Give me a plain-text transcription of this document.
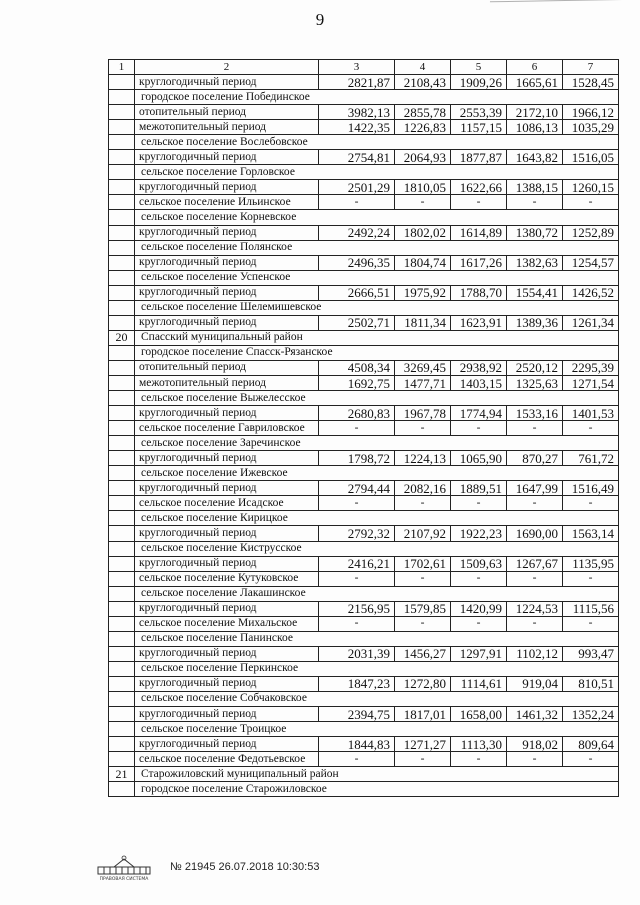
9
1	2	3	4	5	6	7
	круглогодичный период	2821,87	2108,43	1909,26	1665,61	1528,45
	городское поселение Побединское					
	отопительный период	3982,13	2855,78	2553,39	2172,10	1966,12
	межотопительный период	1422,35	1226,83	1157,15	1086,13	1035,29
	сельское поселение Вослебовское					
	круглогодичный период	2754,81	2064,93	1877,87	1643,82	1516,05
	сельское поселение Горловское					
	круглогодичный период	2501,29	1810,05	1622,66	1388,15	1260,15
	сельское поселение Ильинское	-	-	-	-	-
	сельское поселение Корневское					
	круглогодичный период	2492,24	1802,02	1614,89	1380,72	1252,89
	сельское поселение Полянское					
	круглогодичный период	2496,35	1804,74	1617,26	1382,63	1254,57
	сельское поселение Успенское					
	круглогодичный период	2666,51	1975,92	1788,70	1554,41	1426,52
	сельское поселение Шелемишевское					
	круглогодичный период	2502,71	1811,34	1623,91	1389,36	1261,34
20	Спасский муниципальный район					
	городское поселение Спасск-Рязанское					
	отопительный период	4508,34	3269,45	2938,92	2520,12	2295,39
	межотопительный период	1692,75	1477,71	1403,15	1325,63	1271,54
	сельское поселение Выжелесское					
	круглогодичный период	2680,83	1967,78	1774,94	1533,16	1401,53
	сельское поселение Гавриловское	-	-	-	-	-
	сельское поселение Заречинское					
	круглогодичный период	1798,72	1224,13	1065,90	870,27	761,72
	сельское поселение Ижевское					
	круглогодичный период	2794,44	2082,16	1889,51	1647,99	1516,49
	сельское поселение Исадское	-	-	-	-	-
	сельское поселение Кирицкое					
	круглогодичный период	2792,32	2107,92	1922,23	1690,00	1563,14
	сельское поселение Киструсское					
	круглогодичный период	2416,21	1702,61	1509,63	1267,67	1135,95
	сельское поселение Кутуковское	-	-	-	-	-
	сельское поселение Лакашинское					
	круглогодичный период	2156,95	1579,85	1420,99	1224,53	1115,56
	сельское поселение Михальское	-	-	-	-	-
	сельское поселение Панинское					
	круглогодичный период	2031,39	1456,27	1297,91	1102,12	993,47
	сельское поселение Перкинское					
	круглогодичный период	1847,23	1272,80	1114,61	919,04	810,51
	сельское поселение Собчаковское					
	круглогодичный период	2394,75	1817,01	1658,00	1461,32	1352,24
	сельское поселение Троицкое					
	круглогодичный период	1844,83	1271,27	1113,30	918,02	809,64
	сельское поселение Федотьевское	-	-	-	-	-
21	Старожиловский муниципальный район					
	городское поселение Старожиловское					
ПРАВОВАЯ СИСТЕМА
№ 21945 26.07.2018 10:30:53
